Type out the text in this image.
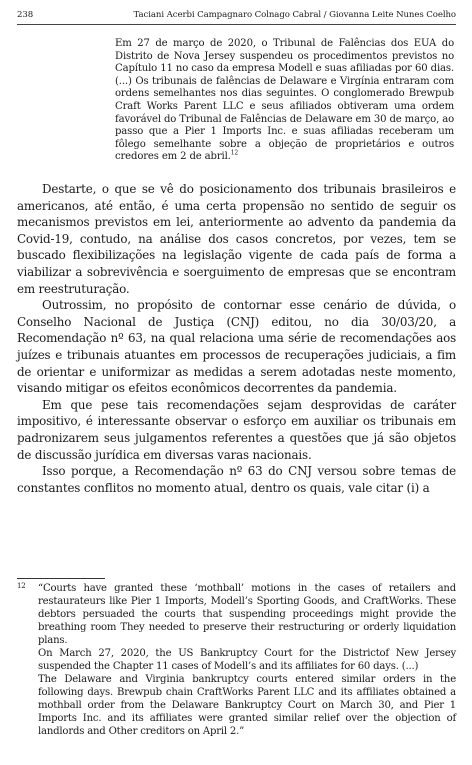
238	Taciani Acerbi Campagnaro Colnago Cabral / Giovanna Leite Nunes Coelho

Em 27 de março de 2020, o Tribunal de Falências dos EUA do Distrito de Nova Jersey suspendeu os procedimentos previstos no Capítulo 11 no caso da empresa Modell e suas afiliadas por 60 dias. (...) Os tribunais de falências de Delaware e Virgínia entraram com ordens semelhantes nos dias seguintes. O conglomerado Brewpub Craft Works Parent LLC e seus afiliados obtiveram uma ordem favorável do Tribunal de Falências de Delaware em 30 de março, ao passo que a Pier 1 Imports Inc. e suas afiliadas receberam um fôlego semelhante sobre a objeção de proprietários e outros credores em 2 de abril.$^{12}$

Destarte, o que se vê do posicionamento dos tribunais brasileiros e americanos, até então, é uma certa propensão no sentido de seguir os mecanismos previstos em lei, anteriormente ao advento da pandemia da Covid-19, contudo, na análise dos casos concretos, por vezes, tem se buscado flexibilizações na legislação vigente de cada país de forma a viabilizar a sobrevivência e soerguimento de empresas que se encontram em reestruturação.

Outrossim, no propósito de contornar esse cenário de dúvida, o Conselho Nacional de Justiça (CNJ) editou, no dia 30/03/20, a Recomendação nº 63, na qual relaciona uma série de recomendações aos juízes e tribunais atuantes em processos de recuperações judiciais, a fim de orientar e uniformizar as medidas a serem adotadas neste momento, visando mitigar os efeitos econômicos decorrentes da pandemia.

Em que pese tais recomendações sejam desprovidas de caráter impositivo, é interessante observar o esforço em auxiliar os tribunais em padronizarem seus julgamentos referentes a questões que já são objetos de discussão jurídica em diversas varas nacionais.

Isso porque, a Recomendação nº 63 do CNJ versou sobre temas de constantes conflitos no momento atual, dentro os quais, vale citar (i) a

12 “Courts have granted these ‘mothball’ motions in the cases of retailers and restaurateurs like Pier 1 Imports, Modell’s Sporting Goods, and CraftWorks. These debtors persuaded the courts that suspending proceedings might provide the breathing room They needed to preserve their restructuring or orderly liquidation plans.
On March 27, 2020, the US Bankruptcy Court for the Districtof New Jersey suspended the Chapter 11 cases of Modell’s and its affiliates for 60 days. (...)
The Delaware and Virginia bankruptcy courts entered similar orders in the following days. Brewpub chain CraftWorks Parent LLC and its affiliates obtained a mothball order from the Delaware Bankruptcy Court on March 30, and Pier 1 Imports Inc. and its affiliates were granted similar relief over the objection of landlords and Other creditors on April 2.”
